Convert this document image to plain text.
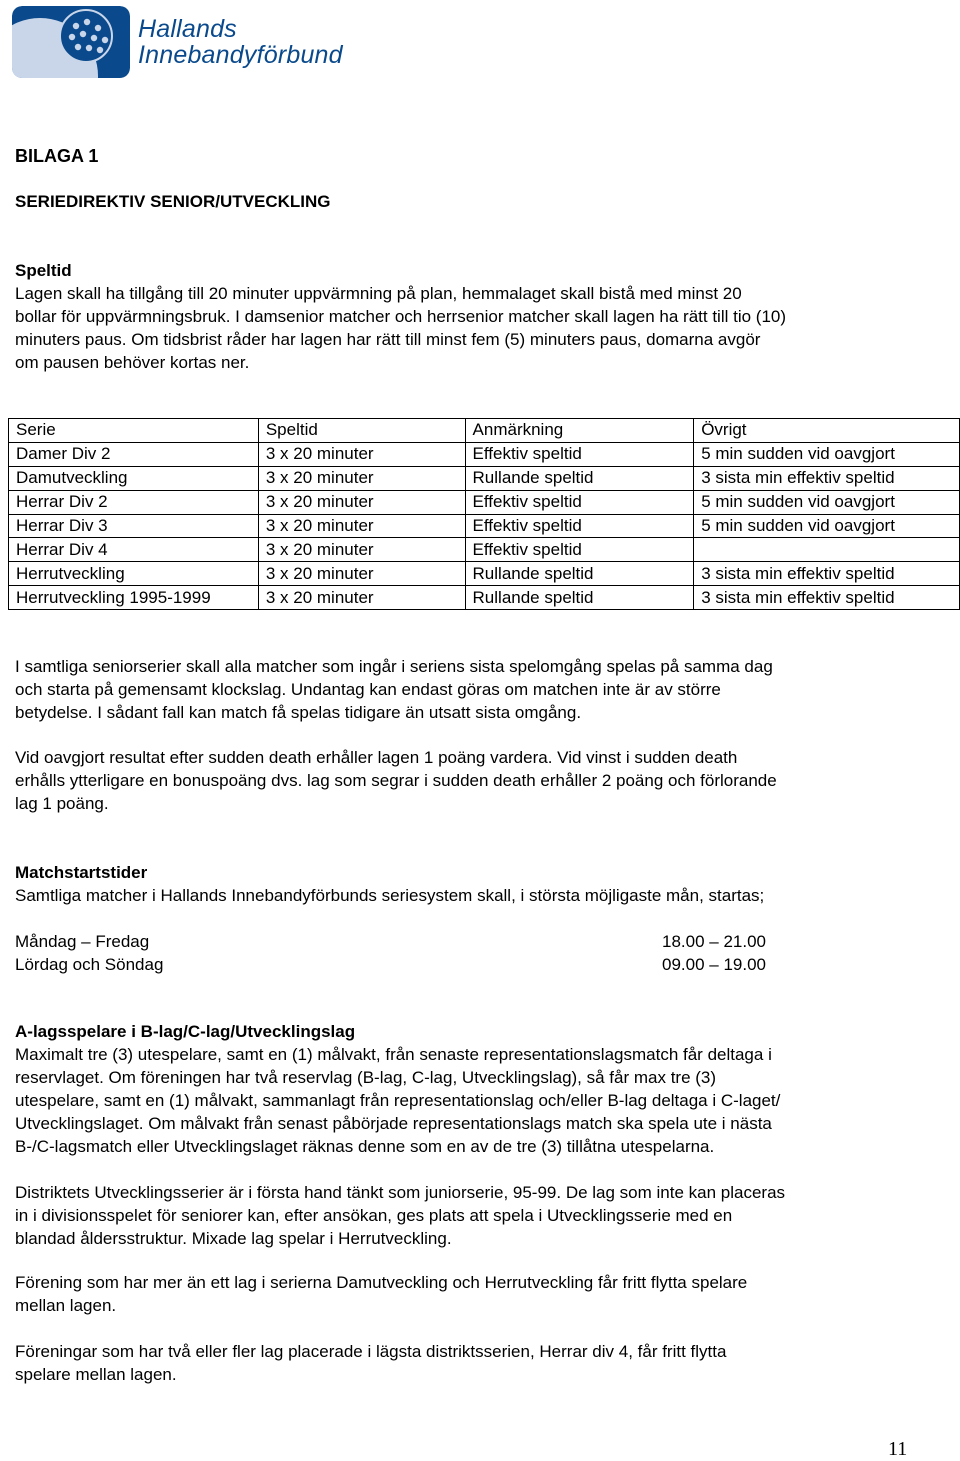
Hallands
Innebandyförbund
BILAGA 1
SERIEDIREKTIV SENIOR/UTVECKLING
Speltid
Lagen skall ha tillgång till 20 minuter uppvärmning på plan, hemmalaget skall bistå med minst 20
bollar för uppvärmningsbruk. I damsenior matcher och herrsenior matcher skall lagen ha rätt till tio (10)
minuters paus. Om tidsbrist råder har lagen har rätt till minst fem (5) minuters paus, domarna avgör
om pausen behöver kortas ner.
Serie	Speltid	Anmärkning	Övrigt
Damer Div 2	3 x 20 minuter	Effektiv speltid	5 min sudden vid oavgjort
Damutveckling	3 x 20 minuter	Rullande speltid	3 sista min effektiv speltid
Herrar Div 2	3 x 20 minuter	Effektiv speltid	5 min sudden vid oavgjort
Herrar Div 3	3 x 20 minuter	Effektiv speltid	5 min sudden vid oavgjort
Herrar Div 4	3 x 20 minuter	Effektiv speltid	
Herrutveckling	3 x 20 minuter	Rullande speltid	3 sista min effektiv speltid
Herrutveckling 1995-1999	3 x 20 minuter	Rullande speltid	3 sista min effektiv speltid
I samtliga seniorserier skall alla matcher som ingår i seriens sista spelomgång spelas på samma dag
och starta på gemensamt klockslag. Undantag kan endast göras om matchen inte är av större
betydelse. I sådant fall kan match få spelas tidigare än utsatt sista omgång.
Vid oavgjort resultat efter sudden death erhåller lagen 1 poäng vardera. Vid vinst i sudden death
erhålls ytterligare en bonuspoäng dvs. lag som segrar i sudden death erhåller 2 poäng och förlorande
lag 1 poäng.
Matchstartstider
Samtliga matcher i Hallands Innebandyförbunds seriesystem skall, i största möjligaste mån, startas;
Måndag – Fredag	18.00 – 21.00
Lördag och Söndag	09.00 – 19.00
A-lagsspelare i B-lag/C-lag/Utvecklingslag
Maximalt tre (3) utespelare, samt en (1) målvakt, från senaste representationslagsmatch får deltaga i
reservlaget. Om föreningen har två reservlag (B-lag, C-lag, Utvecklingslag), så får max tre (3)
utespelare, samt en (1) målvakt, sammanlagt från representationslag och/eller B-lag deltaga i C-laget/
Utvecklingslaget. Om målvakt från senast påbörjade representationslags match ska spela ute i nästa
B-/C-lagsmatch eller Utvecklingslaget räknas denne som en av de tre (3) tillåtna utespelarna.
Distriktets Utvecklingsserier är i första hand tänkt som juniorserie, 95-99. De lag som inte kan placeras
in i divisionsspelet för seniorer kan, efter ansökan, ges plats att spela i Utvecklingsserie med en
blandad åldersstruktur. Mixade lag spelar i Herrutveckling.
Förening som har mer än ett lag i serierna Damutveckling och Herrutveckling får fritt flytta spelare
mellan lagen.
Föreningar som har två eller fler lag placerade i lägsta distriktsserien, Herrar div 4, får fritt flytta
spelare mellan lagen.
11
